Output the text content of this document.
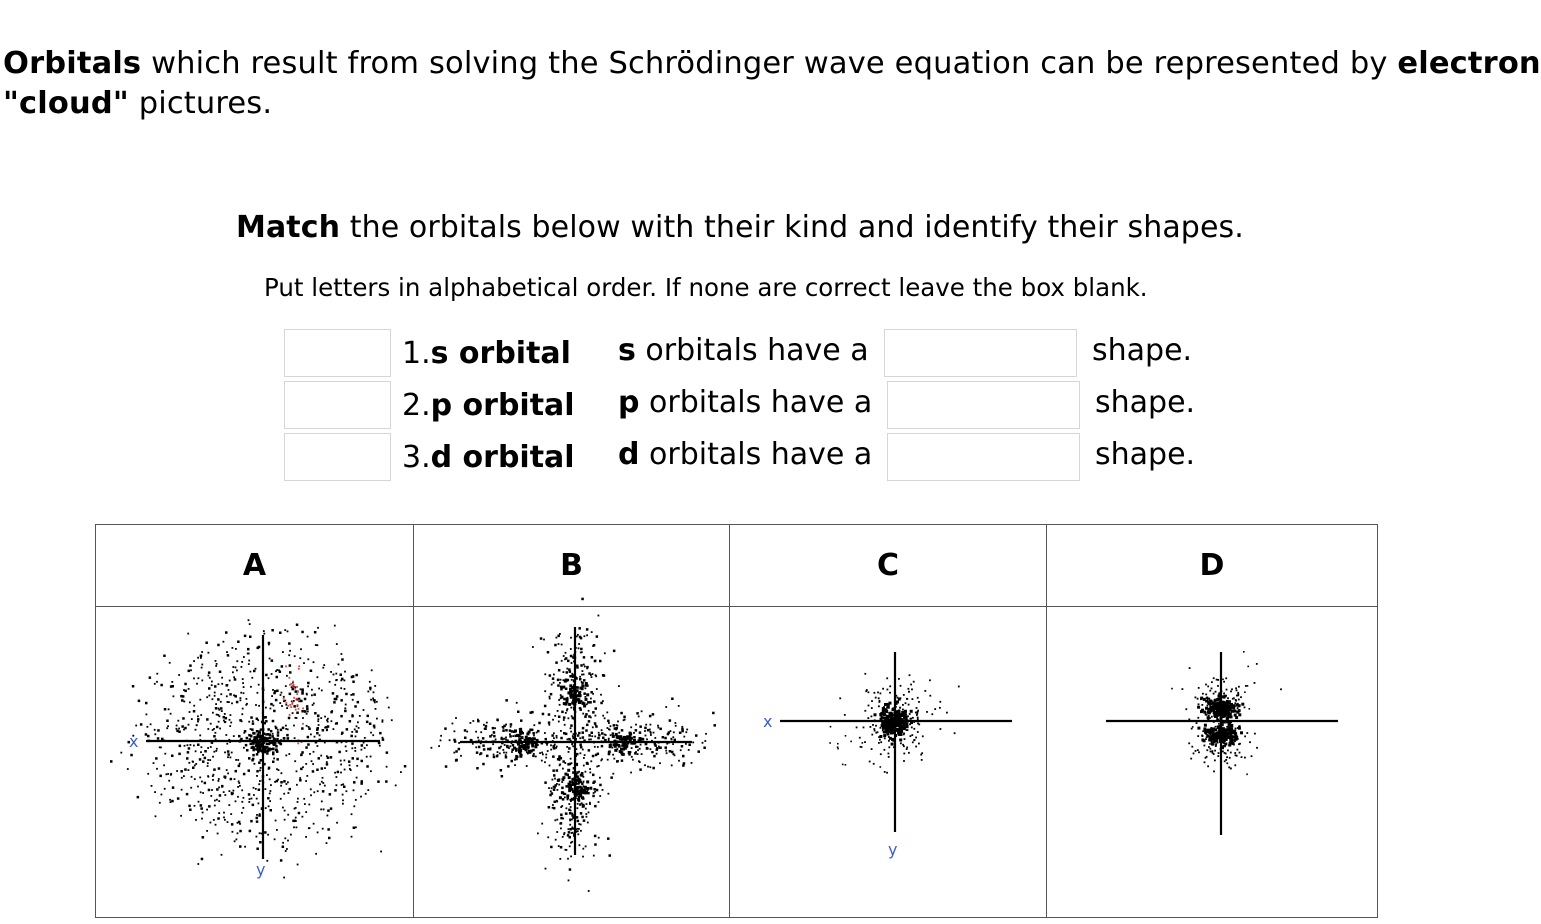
Orbitals which result from solving the Schrödinger wave equation can be represented by electron
"cloud" pictures.
Match the orbitals below with their kind and identify their shapes.
Put letters in alphabetical order. If none are correct leave the box blank.
1.s orbital s orbitals have a	shape.
2.p orbital p orbitals have a	shape.
3.d orbital d orbitals have a	shape.
A	B	C	D

x
y		x
y
